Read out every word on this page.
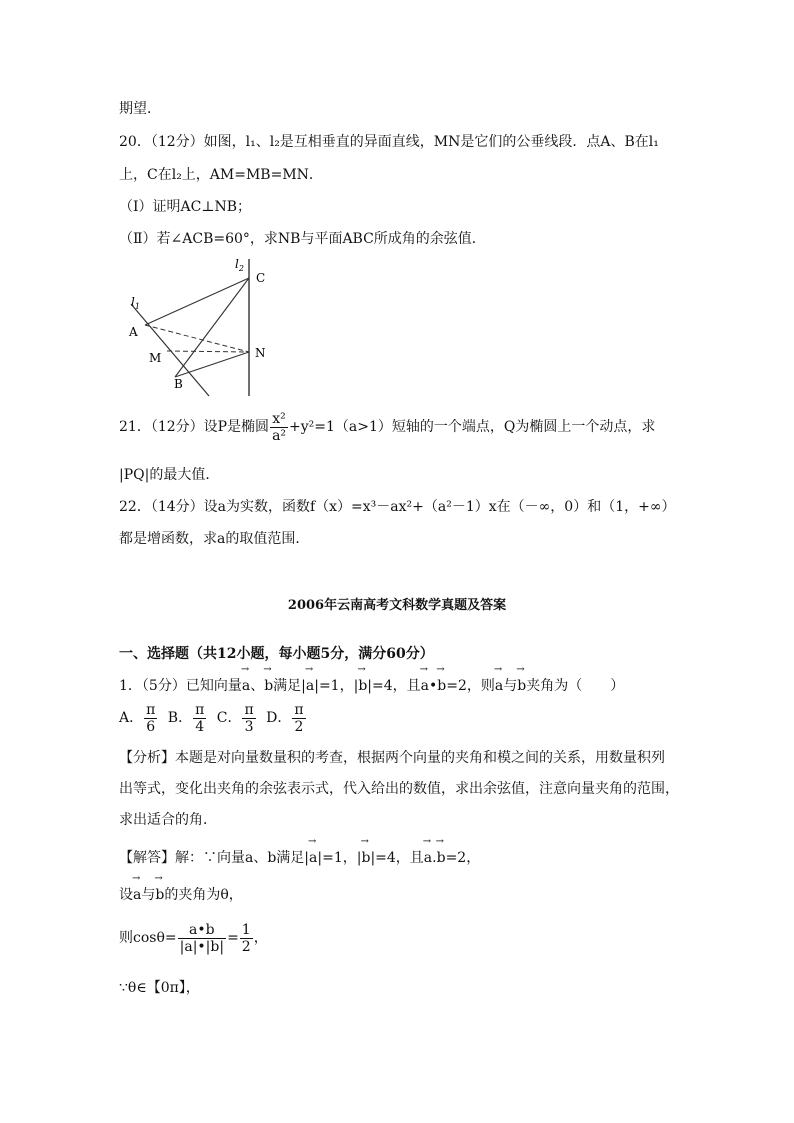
期望．
20．（12分）如图，l₁、l₂是互相垂直的异面直线，MN是它们的公垂线段．点A、B在l₁
上，C在l₂上，AM=MB=MN．
（Ⅰ）证明AC⊥NB；
（Ⅱ）若∠ACB=60°，求NB与平面ABC所成角的余弦值．
$l_1$
$l_2$
A
M
B
C
N
21．（12分）设P是椭圆 $\frac{\text{x²}}{\text{a²}} +y^2=1(a>1)$短轴的一个端点，Q为椭圆上一个动点，求
|PQ|的最大值．
22．（14分）设a为实数，函数f（x）=x³－ax²+（a²－1）x在（－∞，0）和（1，+∞）
都是增函数，求a的取值范围．
2006年云南高考文科数学真题及答案
一、选择题（共12小题，每小题5分，满分60分）
1．（5分）已知向量→ a、→ b满足|→ a|=1，|→ b|=4，且→ a•→ b=2，则→ a与→ b夹角为（　　）
A． $\frac{\pi}{6}$ B． $\frac{\pi}{4}$ C． $\frac{\pi}{3}$ D． $\frac{\pi}{2}$
【分析】本题是对向量数量积的考查，根据两个向量的夹角和模之间的关系，用数量积列
出等式，变化出夹角的余弦表示式，代入给出的数值，求出余弦值，注意向量夹角的范围，
求出适合的角．
【解答】解：∵向量a、b满足|→ a|=1，|→ b|=4，且→ a.→ b=2，
设→ a与→ b的夹角为θ，
则$\cos\theta= \frac{a•b}{|a|•|b|} = \frac{1}{2}$ ，
∵θ∈【0π】，
